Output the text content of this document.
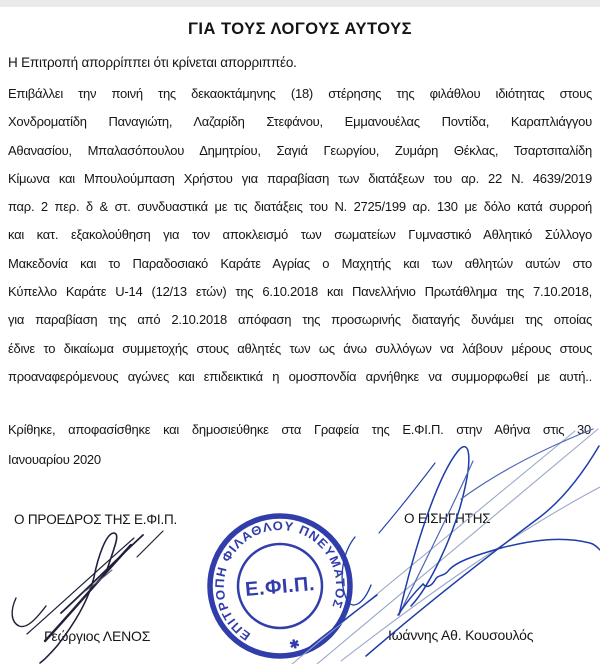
ΓΙΑ ΤΟΥΣ ΛΟΓΟΥΣ ΑΥΤΟΥΣ
Η Επιτροπή απορρίππει ότι κρίνεται απορριππέο.
Επιβάλλει την ποινή της δεκαοκτάμηνης (18) στέρησης της φιλάθλου ιδιότητας στους
Χονδροματίδη Παναγιώτη, Λαζαρίδη Στεφάνου, Εμμανουέλας Ποντίδα, Καραπλιάγγου
Αθανασίου, Μπαλασόπουλου Δημητρίου, Σαγιά Γεωργίου, Ζυμάρη Θέκλας, Τσαρτσιταλίδη
Κίμωνα και Μπουλούμπαση Χρήστου για παραβίαση των διατάξεων του αρ. 22 Ν. 4639/2019
παρ. 2 περ. δ & στ. συνδυαστικά με τις διατάξεις του Ν. 2725/199 αρ. 130 με δόλο κατά συρροή
και κατ. εξακολούθηση για τον αποκλεισμό των σωματείων Γυμναστικό Αθλητικό Σύλλογο
Μακεδονία και το Παραδοσιακό Καράτε Αγρίας ο Μαχητής και των αθλητών αυτών στο
Κύπελλο Καράτε U-14 (12/13 ετών) της 6.10.2018 και Πανελλήνιο Πρωτάθλημα της 7.10.2018,
για παραβίαση της από 2.10.2018 απόφαση της προσωρινής διαταγής δυνάμει της οποίας
έδινε το δικαίωμα συμμετοχής στους αθλητές των ως άνω συλλόγων να λάβουν μέρους στους
προαναφερόμενους αγώνες και επιδεικτικά η ομοσπονδία αρνήθηκε να συμμορφωθεί με αυτή..
Κρίθηκε, αποφασίσθηκε και δημοσιεύθηκε στα Γραφεία της Ε.ΦΙ.Π. στην Αθήνα στις 30
Ιανουαρίου 2020
Ο ΠΡΟΕΔΡΟΣ ΤΗΣ Ε.ΦΙ.Π.	Ο ΕΙΣΗΓΗΤΗΣ
Γεώργιος ΛΕΝΟΣ	Ιωάννης Αθ. Κουσουλός
ΕΠΙΤΡΟΠΗ ΦΙΛΑΘΛΟΥ ΠΝΕΥΜΑΤΟΣ
✱
Ε.ΦΙ.Π.
